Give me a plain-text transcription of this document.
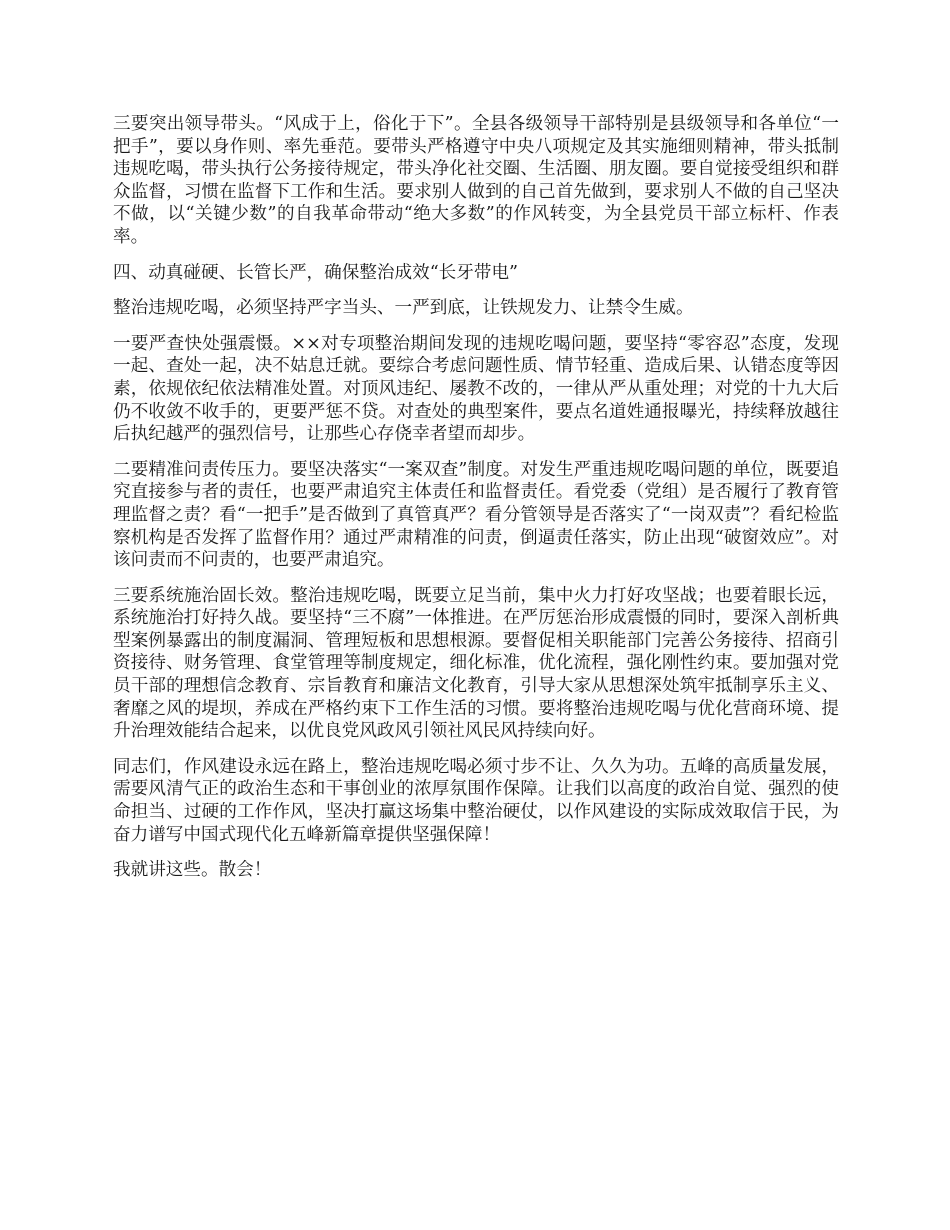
三要突出领导带头。“风成于上，俗化于下”。全县各级领导干部特别是县级领导和各单位“一把手”，要以身作则、率先垂范。要带头严格遵守中央八项规定及其实施细则精神，带头抵制违规吃喝，带头执行公务接待规定，带头净化社交圈、生活圈、朋友圈。要自觉接受组织和群众监督，习惯在监督下工作和生活。要求别人做到的自己首先做到，要求别人不做的自己坚决不做，以“关键少数”的自我革命带动“绝大多数”的作风转变，为全县党员干部立标杆、作表率。

四、动真碰硬、长管长严，确保整治成效“长牙带电”

整治违规吃喝，必须坚持严字当头、一严到底，让铁规发力、让禁令生威。

一要严查快处强震慑。××对专项整治期间发现的违规吃喝问题，要坚持“零容忍”态度，发现一起、查处一起，决不姑息迁就。要综合考虑问题性质、情节轻重、造成后果、认错态度等因素，依规依纪依法精准处置。对顶风违纪、屡教不改的，一律从严从重处理；对党的十九大后仍不收敛不收手的，更要严惩不贷。对查处的典型案件，要点名道姓通报曝光，持续释放越往后执纪越严的强烈信号，让那些心存侥幸者望而却步。

二要精准问责传压力。要坚决落实“一案双查”制度。对发生严重违规吃喝问题的单位，既要追究直接参与者的责任，也要严肃追究主体责任和监督责任。看党委（党组）是否履行了教育管理监督之责？看“一把手”是否做到了真管真严？看分管领导是否落实了“一岗双责”？看纪检监察机构是否发挥了监督作用？通过严肃精准的问责，倒逼责任落实，防止出现“破窗效应”。对该问责而不问责的，也要严肃追究。

三要系统施治固长效。整治违规吃喝，既要立足当前，集中火力打好攻坚战；也要着眼长远，系统施治打好持久战。要坚持“三不腐”一体推进。在严厉惩治形成震慑的同时，要深入剖析典型案例暴露出的制度漏洞、管理短板和思想根源。要督促相关职能部门完善公务接待、招商引资接待、财务管理、食堂管理等制度规定，细化标准，优化流程，强化刚性约束。要加强对党员干部的理想信念教育、宗旨教育和廉洁文化教育，引导大家从思想深处筑牢抵制享乐主义、奢靡之风的堤坝，养成在严格约束下工作生活的习惯。要将整治违规吃喝与优化营商环境、提升治理效能结合起来，以优良党风政风引领社风民风持续向好。

同志们，作风建设永远在路上，整治违规吃喝必须寸步不让、久久为功。五峰的高质量发展，需要风清气正的政治生态和干事创业的浓厚氛围作保障。让我们以高度的政治自觉、强烈的使命担当、过硬的工作作风，坚决打赢这场集中整治硬仗，以作风建设的实际成效取信于民，为奋力谱写中国式现代化五峰新篇章提供坚强保障！

我就讲这些。散会！
